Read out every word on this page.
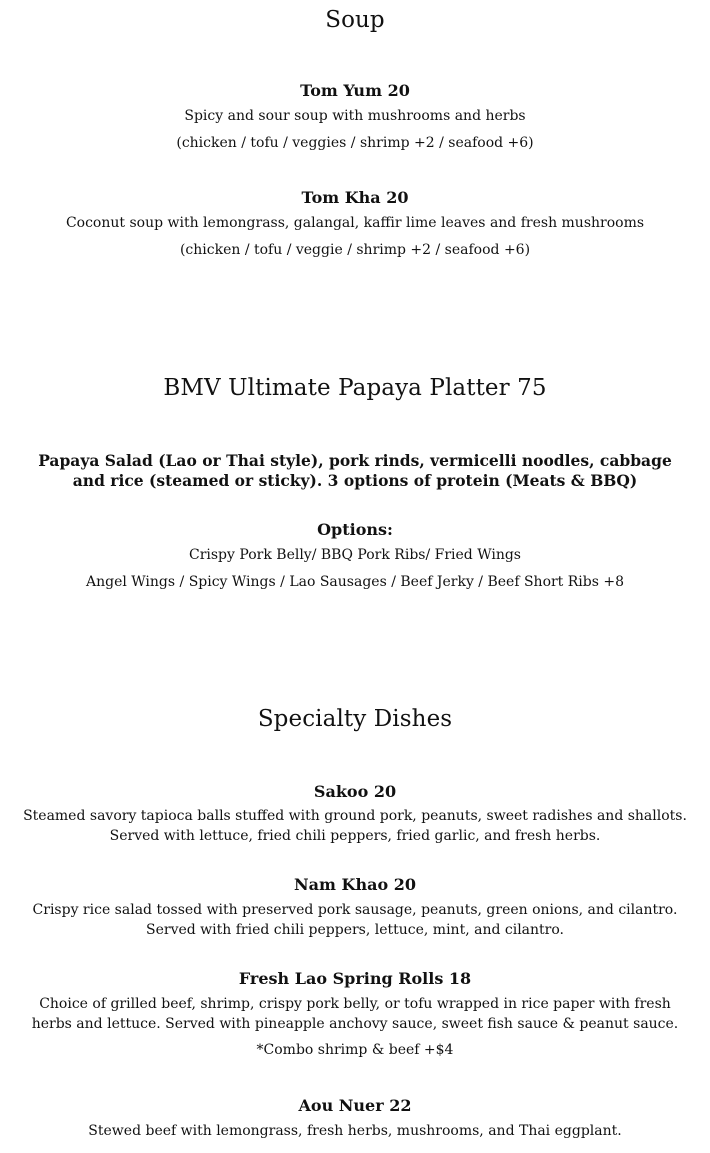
Soup
Tom Yum 20
Spicy and sour soup with mushrooms and herbs
(chicken / tofu / veggies / shrimp +2 / seafood +6)
Tom Kha 20
Coconut soup with lemongrass, galangal, kaffir lime leaves and fresh mushrooms
(chicken / tofu / veggie / shrimp +2 / seafood +6)
BMV Ultimate Papaya Platter 75
Papaya Salad (Lao or Thai style), pork rinds, vermicelli noodles, cabbage and rice (steamed or sticky). 3 options of protein (Meats & BBQ)
Options:
Crispy Pork Belly/ BBQ Pork Ribs/ Fried Wings
Angel Wings / Spicy Wings / Lao Sausages / Beef Jerky / Beef Short Ribs +8
Specialty Dishes
Sakoo 20
Steamed savory tapioca balls stuffed with ground pork, peanuts, sweet radishes and shallots. Served with lettuce, fried chili peppers, fried garlic, and fresh herbs.
Nam Khao 20
Crispy rice salad tossed with preserved pork sausage, peanuts, green onions, and cilantro. Served with fried chili peppers, lettuce, mint, and cilantro.
Fresh Lao Spring Rolls 18
Choice of grilled beef, shrimp, crispy pork belly, or tofu wrapped in rice paper with fresh herbs and lettuce. Served with pineapple anchovy sauce, sweet fish sauce & peanut sauce.
*Combo shrimp & beef +$4
Aou Nuer 22
Stewed beef with lemongrass, fresh herbs, mushrooms, and Thai eggplant.
